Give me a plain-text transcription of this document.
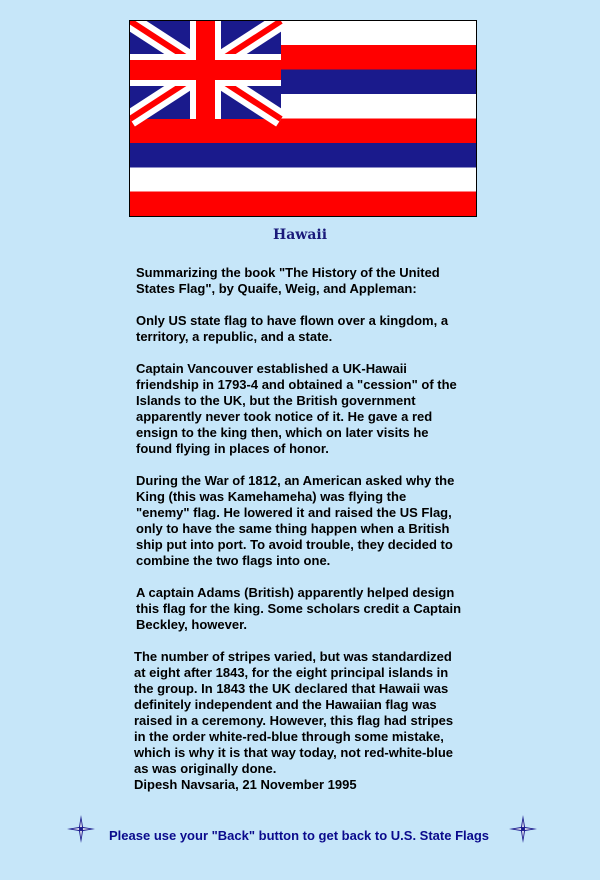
Hawaii

Summarizing the book "The History of the United
States Flag", by Quaife, Weig, and Appleman:

Only US state flag to have flown over a kingdom, a
territory, a republic, and a state.

Captain Vancouver established a UK-Hawaii
friendship in 1793-4 and obtained a "cession" of the
Islands to the UK, but the British government
apparently never took notice of it. He gave a red
ensign to the king then, which on later visits he
found flying in places of honor.

During the War of 1812, an American asked why the
King (this was Kamehameha) was flying the
"enemy" flag. He lowered it and raised the US Flag,
only to have the same thing happen when a British
ship put into port. To avoid trouble, they decided to
combine the two flags into one.

A captain Adams (British) apparently helped design
this flag for the king. Some scholars credit a Captain
Beckley, however.

The number of stripes varied, but was standardized
at eight after 1843, for the eight principal islands in
the group. In 1843 the UK declared that Hawaii was
definitely independent and the Hawaiian flag was
raised in a ceremony. However, this flag had stripes
in the order white-red-blue through some mistake,
which is why it is that way today, not red-white-blue
as was originally done.

Dipesh Navsaria, 21 November 1995

Please use your "Back" button to get back to U.S. State Flags
